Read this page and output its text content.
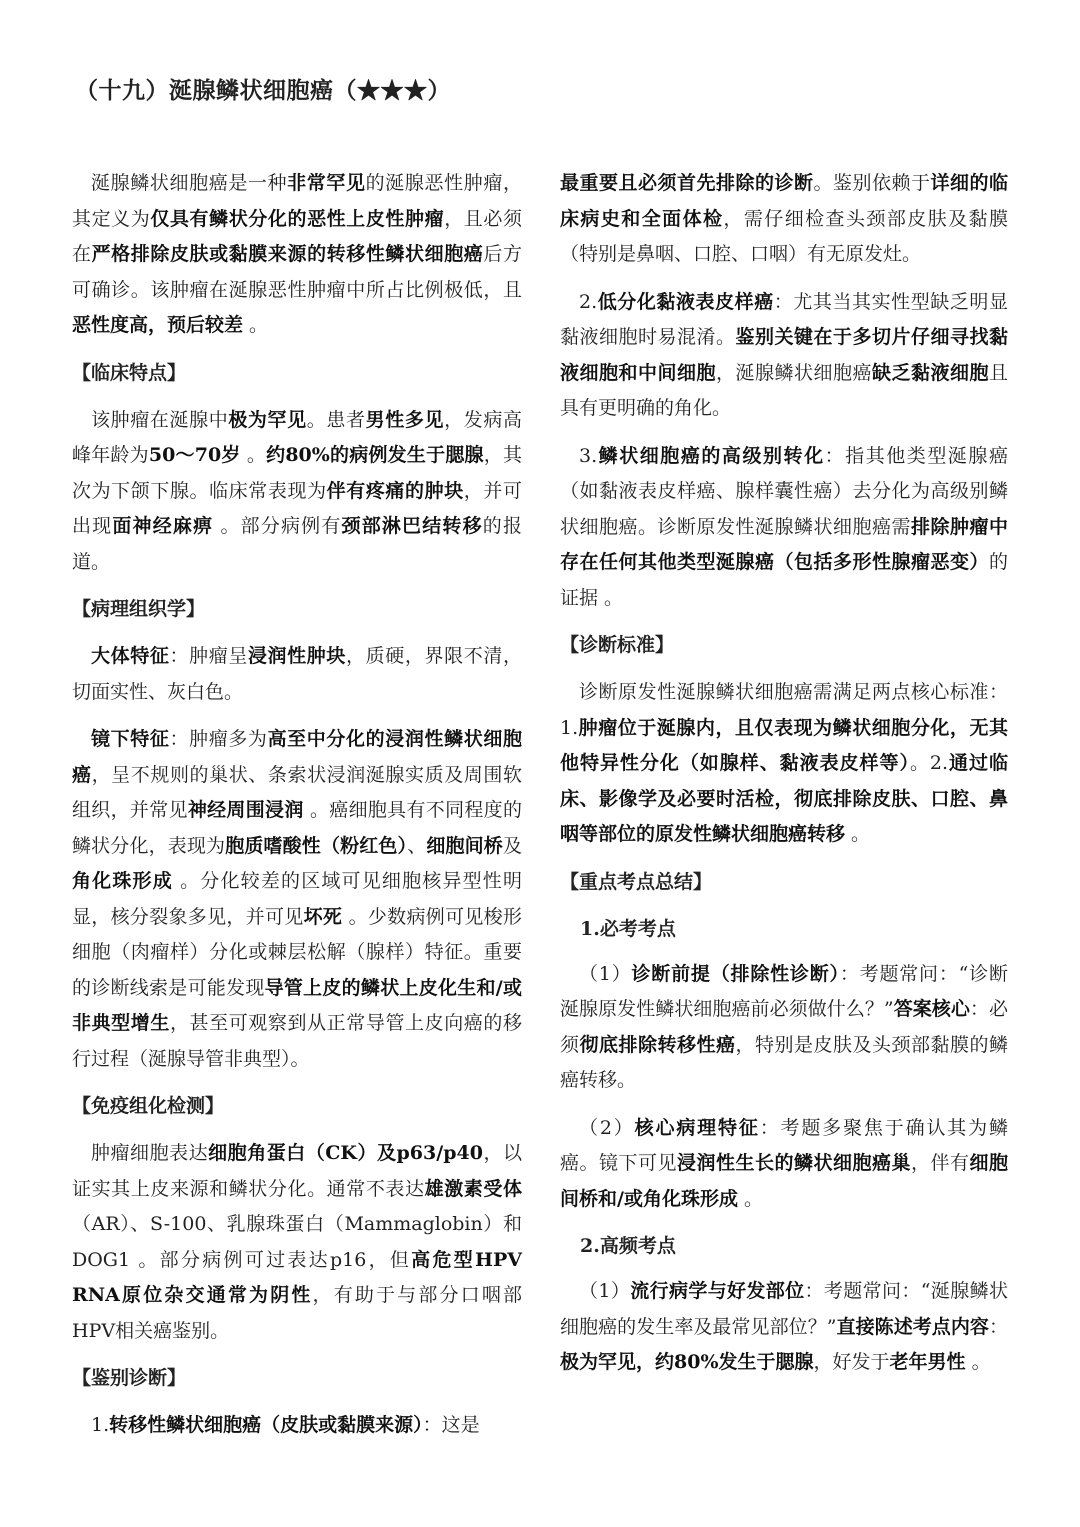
（十九）涎腺鳞状细胞癌（★★★）

涎腺鳞状细胞癌是一种非常罕见的涎腺恶性肿瘤，其定义为仅具有鳞状分化的恶性上皮性肿瘤，且必须在严格排除皮肤或黏膜来源的转移性鳞状细胞癌后方可确诊。该肿瘤在涎腺恶性肿瘤中所占比例极低，且恶性度高，预后较差 。

【临床特点】

该肿瘤在涎腺中极为罕见。患者男性多见，发病高峰年龄为50～70岁 。约80%的病例发生于腮腺，其次为下颌下腺。临床常表现为伴有疼痛的肿块，并可出现面神经麻痹 。部分病例有颈部淋巴结转移的报道。

【病理组织学】

大体特征：肿瘤呈浸润性肿块，质硬，界限不清，切面实性、灰白色。

镜下特征：肿瘤多为高至中分化的浸润性鳞状细胞癌，呈不规则的巢状、条索状浸润涎腺实质及周围软组织，并常见神经周围浸润 。癌细胞具有不同程度的鳞状分化，表现为胞质嗜酸性（粉红色）、细胞间桥及角化珠形成 。分化较差的区域可见细胞核异型性明显，核分裂象多见，并可见坏死 。少数病例可见梭形细胞（肉瘤样）分化或棘层松解（腺样）特征。重要的诊断线索是可能发现导管上皮的鳞状上皮化生和/或非典型增生，甚至可观察到从正常导管上皮向癌的移行过程（涎腺导管非典型）。

【免疫组化检测】

肿瘤细胞表达细胞角蛋白（CK）及p63/p40，以证实其上皮来源和鳞状分化。通常不表达雄激素受体（AR）、S-100、乳腺珠蛋白（Mammaglobin）和DOG1 。部分病例可过表达p16，但高危型HPV RNA原位杂交通常为阴性，有助于与部分口咽部HPV相关癌鉴别。

【鉴别诊断】

1.转移性鳞状细胞癌（皮肤或黏膜来源）：这是

最重要且必须首先排除的诊断。鉴别依赖于详细的临床病史和全面体检，需仔细检查头颈部皮肤及黏膜（特别是鼻咽、口腔、口咽）有无原发灶。

2.低分化黏液表皮样癌：尤其当其实性型缺乏明显黏液细胞时易混淆。鉴别关键在于多切片仔细寻找黏液细胞和中间细胞，涎腺鳞状细胞癌缺乏黏液细胞且具有更明确的角化。

3.鳞状细胞癌的高级别转化：指其他类型涎腺癌（如黏液表皮样癌、腺样囊性癌）去分化为高级别鳞状细胞癌。诊断原发性涎腺鳞状细胞癌需排除肿瘤中存在任何其他类型涎腺癌（包括多形性腺瘤恶变）的证据 。

【诊断标准】

诊断原发性涎腺鳞状细胞癌需满足两点核心标准：1.肿瘤位于涎腺内，且仅表现为鳞状细胞分化，无其他特异性分化（如腺样、黏液表皮样等）。2.通过临床、影像学及必要时活检，彻底排除皮肤、口腔、鼻咽等部位的原发性鳞状细胞癌转移 。

【重点考点总结】
1.必考考点

（1）诊断前提（排除性诊断）：考题常问：“诊断涎腺原发性鳞状细胞癌前必须做什么？”答案核心：必须彻底排除转移性癌，特别是皮肤及头颈部黏膜的鳞癌转移。

（2）核心病理特征：考题多聚焦于确认其为鳞癌。镜下可见浸润性生长的鳞状细胞癌巢，伴有细胞间桥和/或角化珠形成 。

2.高频考点

（1）流行病学与好发部位：考题常问：“涎腺鳞状细胞癌的发生率及最常见部位？”直接陈述考点内容：极为罕见，约80%发生于腮腺，好发于老年男性 。
